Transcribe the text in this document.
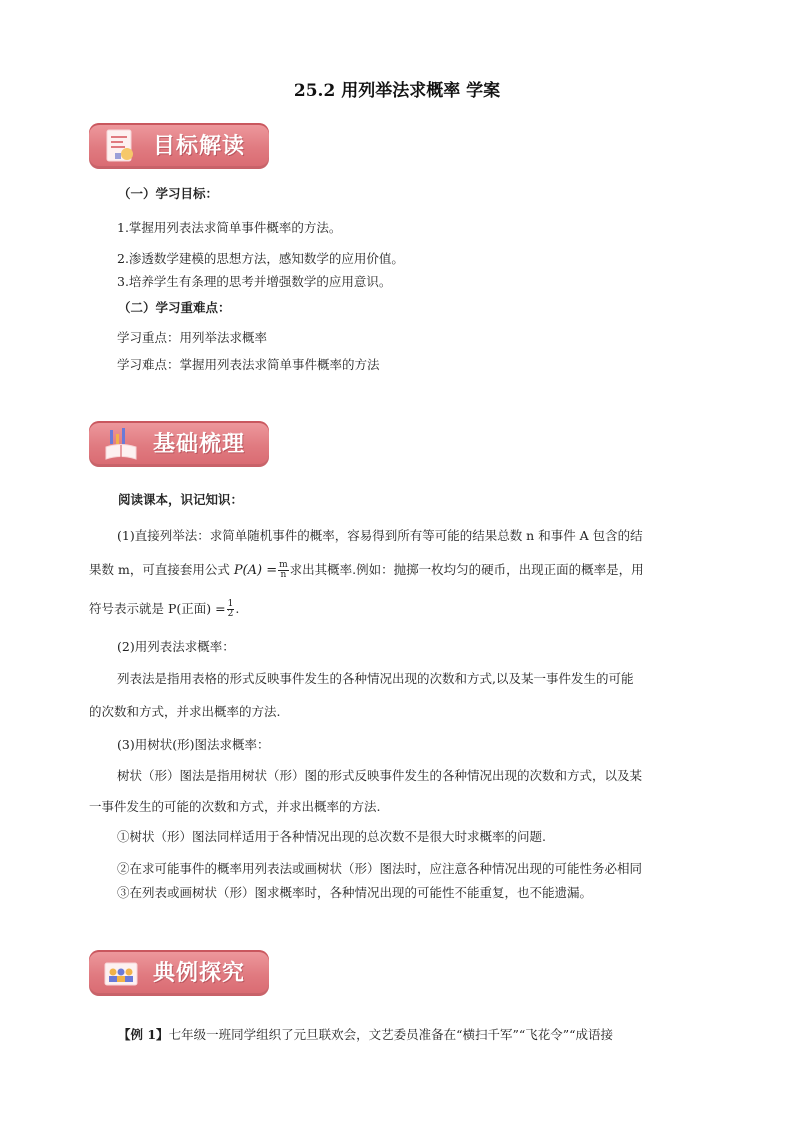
25.2 用列举法求概率 学案
目标解读
（一）学习目标：
1.掌握用列表法求简单事件概率的方法。
2.渗透数学建模的思想方法，感知数学的应用价值。
3.培养学生有条理的思考并增强数学的应用意识。
（二）学习重难点：
学习重点：用列举法求概率
学习难点：掌握用列表法求简单事件概率的方法
基础梳理
阅读课本，识记知识：
(1)直接列举法：求简单随机事件的概率，容易得到所有等可能的结果总数 n 和事件 A 包含的结
果数 m，可直接套用公式 $P(A) = \frac{m}{n}$ 求出其概率.例如：抛掷一枚均匀的硬币，出现正面的概率是，用
符号表示就是 P(正面) = $\frac{1}{2}$ .
(2)用列表法求概率：
列表法是指用表格的形式反映事件发生的各种情况出现的次数和方式,以及某一事件发生的可能
的次数和方式，并求出概率的方法.
(3)用树状(形)图法求概率：
树状（形）图法是指用树状（形）图的形式反映事件发生的各种情况出现的次数和方式，以及某
一事件发生的可能的次数和方式，并求出概率的方法.
①树状（形）图法同样适用于各种情况出现的总次数不是很大时求概率的问题.
②在求可能事件的概率用列表法或画树状（形）图法时，应注意各种情况出现的可能性务必相同
③在列表或画树状（形）图求概率时，各种情况出现的可能性不能重复，也不能遗漏。
典例探究
【例 1】七年级一班同学组织了元旦联欢会，文艺委员准备在“横扫千军”“飞花令”“成语接
